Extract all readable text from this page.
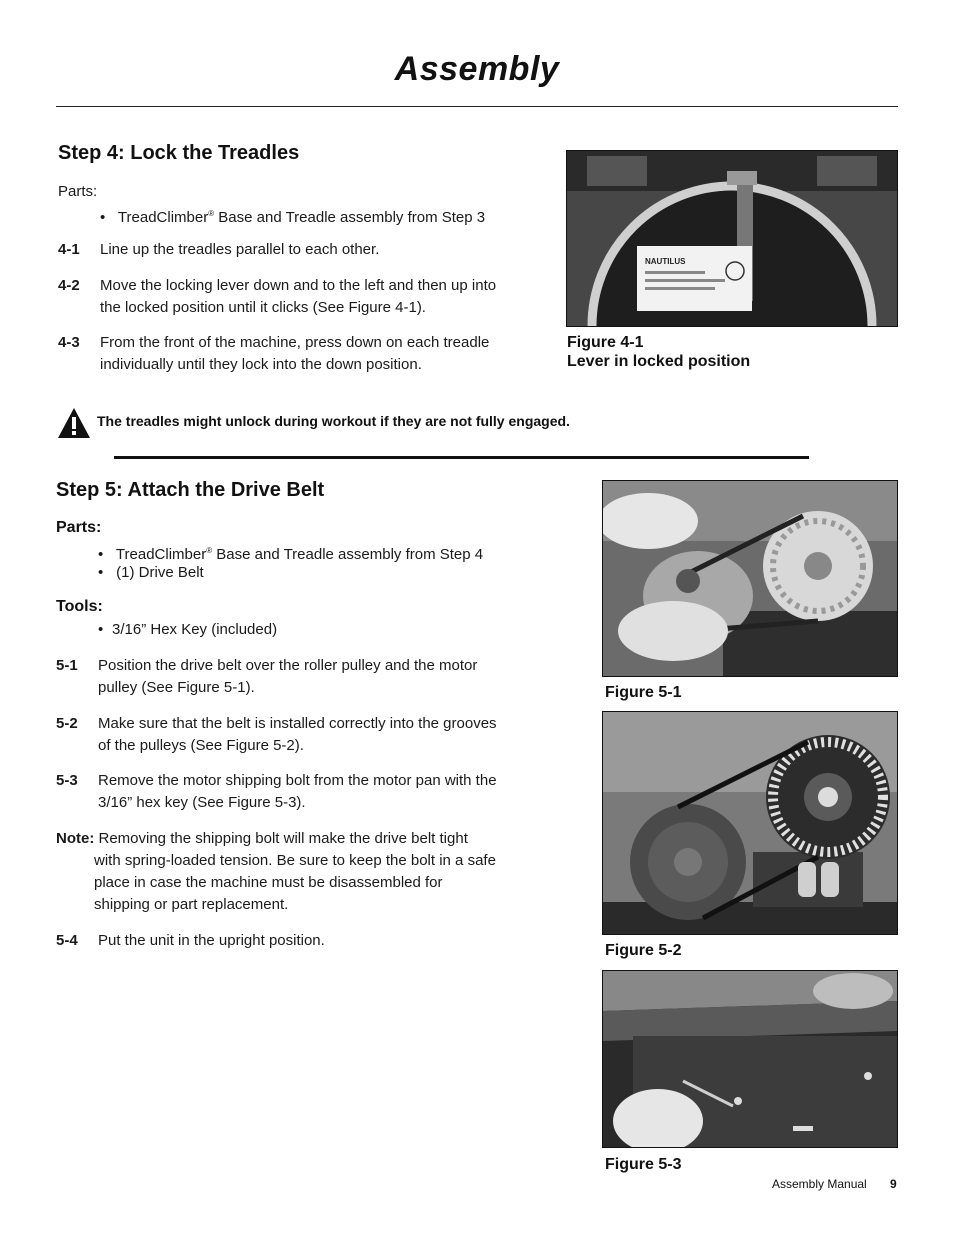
Assembly
Step 4: Lock the Treadles
Parts:
• TreadClimber® Base and Treadle assembly from Step 3
4-1	Line up the treadles parallel to each other.
4-2	Move the locking lever down and to the left and then up into the locked position until it clicks (See Figure 4-1).
4-3	From the front of the machine, press down on each treadle individually until they lock into the down position.
NAUTILUS
Figure 4-1
Lever in locked position
The treadles might unlock during workout if they are not fully engaged.
Step 5: Attach the Drive Belt
Parts:
• TreadClimber® Base and Treadle assembly from Step 4
• (1) Drive Belt
Tools:
• 3/16” Hex Key (included)
5-1	Position the drive belt over the roller pulley and the motor pulley (See Figure 5-1).
5-2	Make sure that the belt is installed correctly into the grooves of the pulleys (See Figure 5-2).
5-3	Remove the motor shipping bolt from the motor pan with the 3/16” hex key (See Figure 5-3).
Note: Removing the shipping bolt will make the drive belt tight with spring-loaded tension. Be sure to keep the bolt in a safe place in case the machine must be disassembled for shipping or part replacement.
5-4	Put the unit in the upright position.
Figure 5-1
Figure 5-2
Figure 5-3
Assembly Manual 9
